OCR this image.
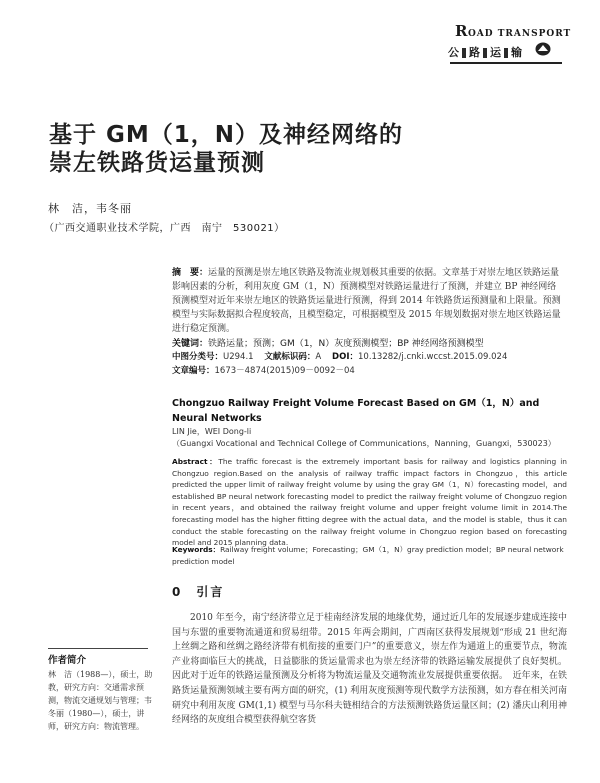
ROAD TRANSPORT
公 路 运 输
基于 GM（1，N）及神经网络的
崇左铁路货运量预测
林　洁，韦冬丽
（广西交通职业技术学院，广西　南宁　530021）
摘　要：运量的预测是崇左地区铁路及物流业规划极其重要的依据。文章基于对崇左地区铁路运量影响因素的分析，利用灰度 GM（1，N）预测模型对铁路运量进行了预测，并建立 BP 神经网络预测模型对近年来崇左地区的铁路货运量进行预测，得到 2014 年铁路货运预测量和上限量。预测模型与实际数据拟合程度较高，且模型稳定，可根据模型及 2015 年规划数据对崇左地区铁路运量进行稳定预测。
关键词：铁路运量；预测；GM（1，N）灰度预测模型；BP 神经网络预测模型
中图分类号：U294.1 文献标识码：A DOI：10.13282/j.cnki.wccst.2015.09.024
文章编号：1673－4874(2015)09－0092－04
Chongzuo Railway Freight Volume Forecast Based on GM（1，N）and Neural Networks
LIN Jie，WEI Dong-li
（Guangxi Vocational and Technical College of Communications，Nanning，Guangxi，530023）
Abstract：The traffic forecast is the extremely important basis for railway and logistics planning in Chongzuo region.Based on the analysis of railway traffic impact factors in Chongzuo，this article predicted the upper limit of railway freight volume by using the gray GM（1，N）forecasting model，and established BP neural network forecasting model to predict the railway freight volume of Chongzuo region in recent years，and obtained the railway freight volume and upper freight volume limit in 2014.The forecasting model has the higher fitting degree with the actual data，and the model is stable，thus it can conduct the stable forecasting on the railway freight volume in Chongzuo region based on forecasting model and 2015 planning data.
Keywords：Railway freight volume；Forecasting；GM（1，N）gray prediction model；BP neural network prediction model
0　引言
2010 年至今，南宁经济带立足于桂南经济发展的地缘优势，通过近几年的发展逐步建成连接中国与东盟的重要物流通道和贸易纽带。2015 年两会期间，广西南区获得发展规划“形成 21 世纪海上丝绸之路和丝绸之路经济带有机衔接的重要门户”的重要意义，崇左作为通道上的重要节点，物流产业将面临巨大的挑战，日益膨胀的货运量需求也为崇左经济带的铁路运输发展提供了良好契机。因此对于近年的铁路运量预测及分析将为物流运量及交通物流业发展提供重要依据。　近年来，在铁路货运量预测领域主要有两方面的研究，(1) 利用灰度预测等现代数学方法预测，如方春在相关河南研究中利用灰度 GM(1,1) 模型与马尔科夫链相结合的方法预测铁路货运量区间；(2) 潘庆山利用神经网络的灰度组合模型获得航空客货
作者简介
林　洁（1988—），硕士，助教，研究方向：交通需求预测，物流交通规划与管理；韦冬丽（1980—），硕士，讲师，研究方向：物流管理。
